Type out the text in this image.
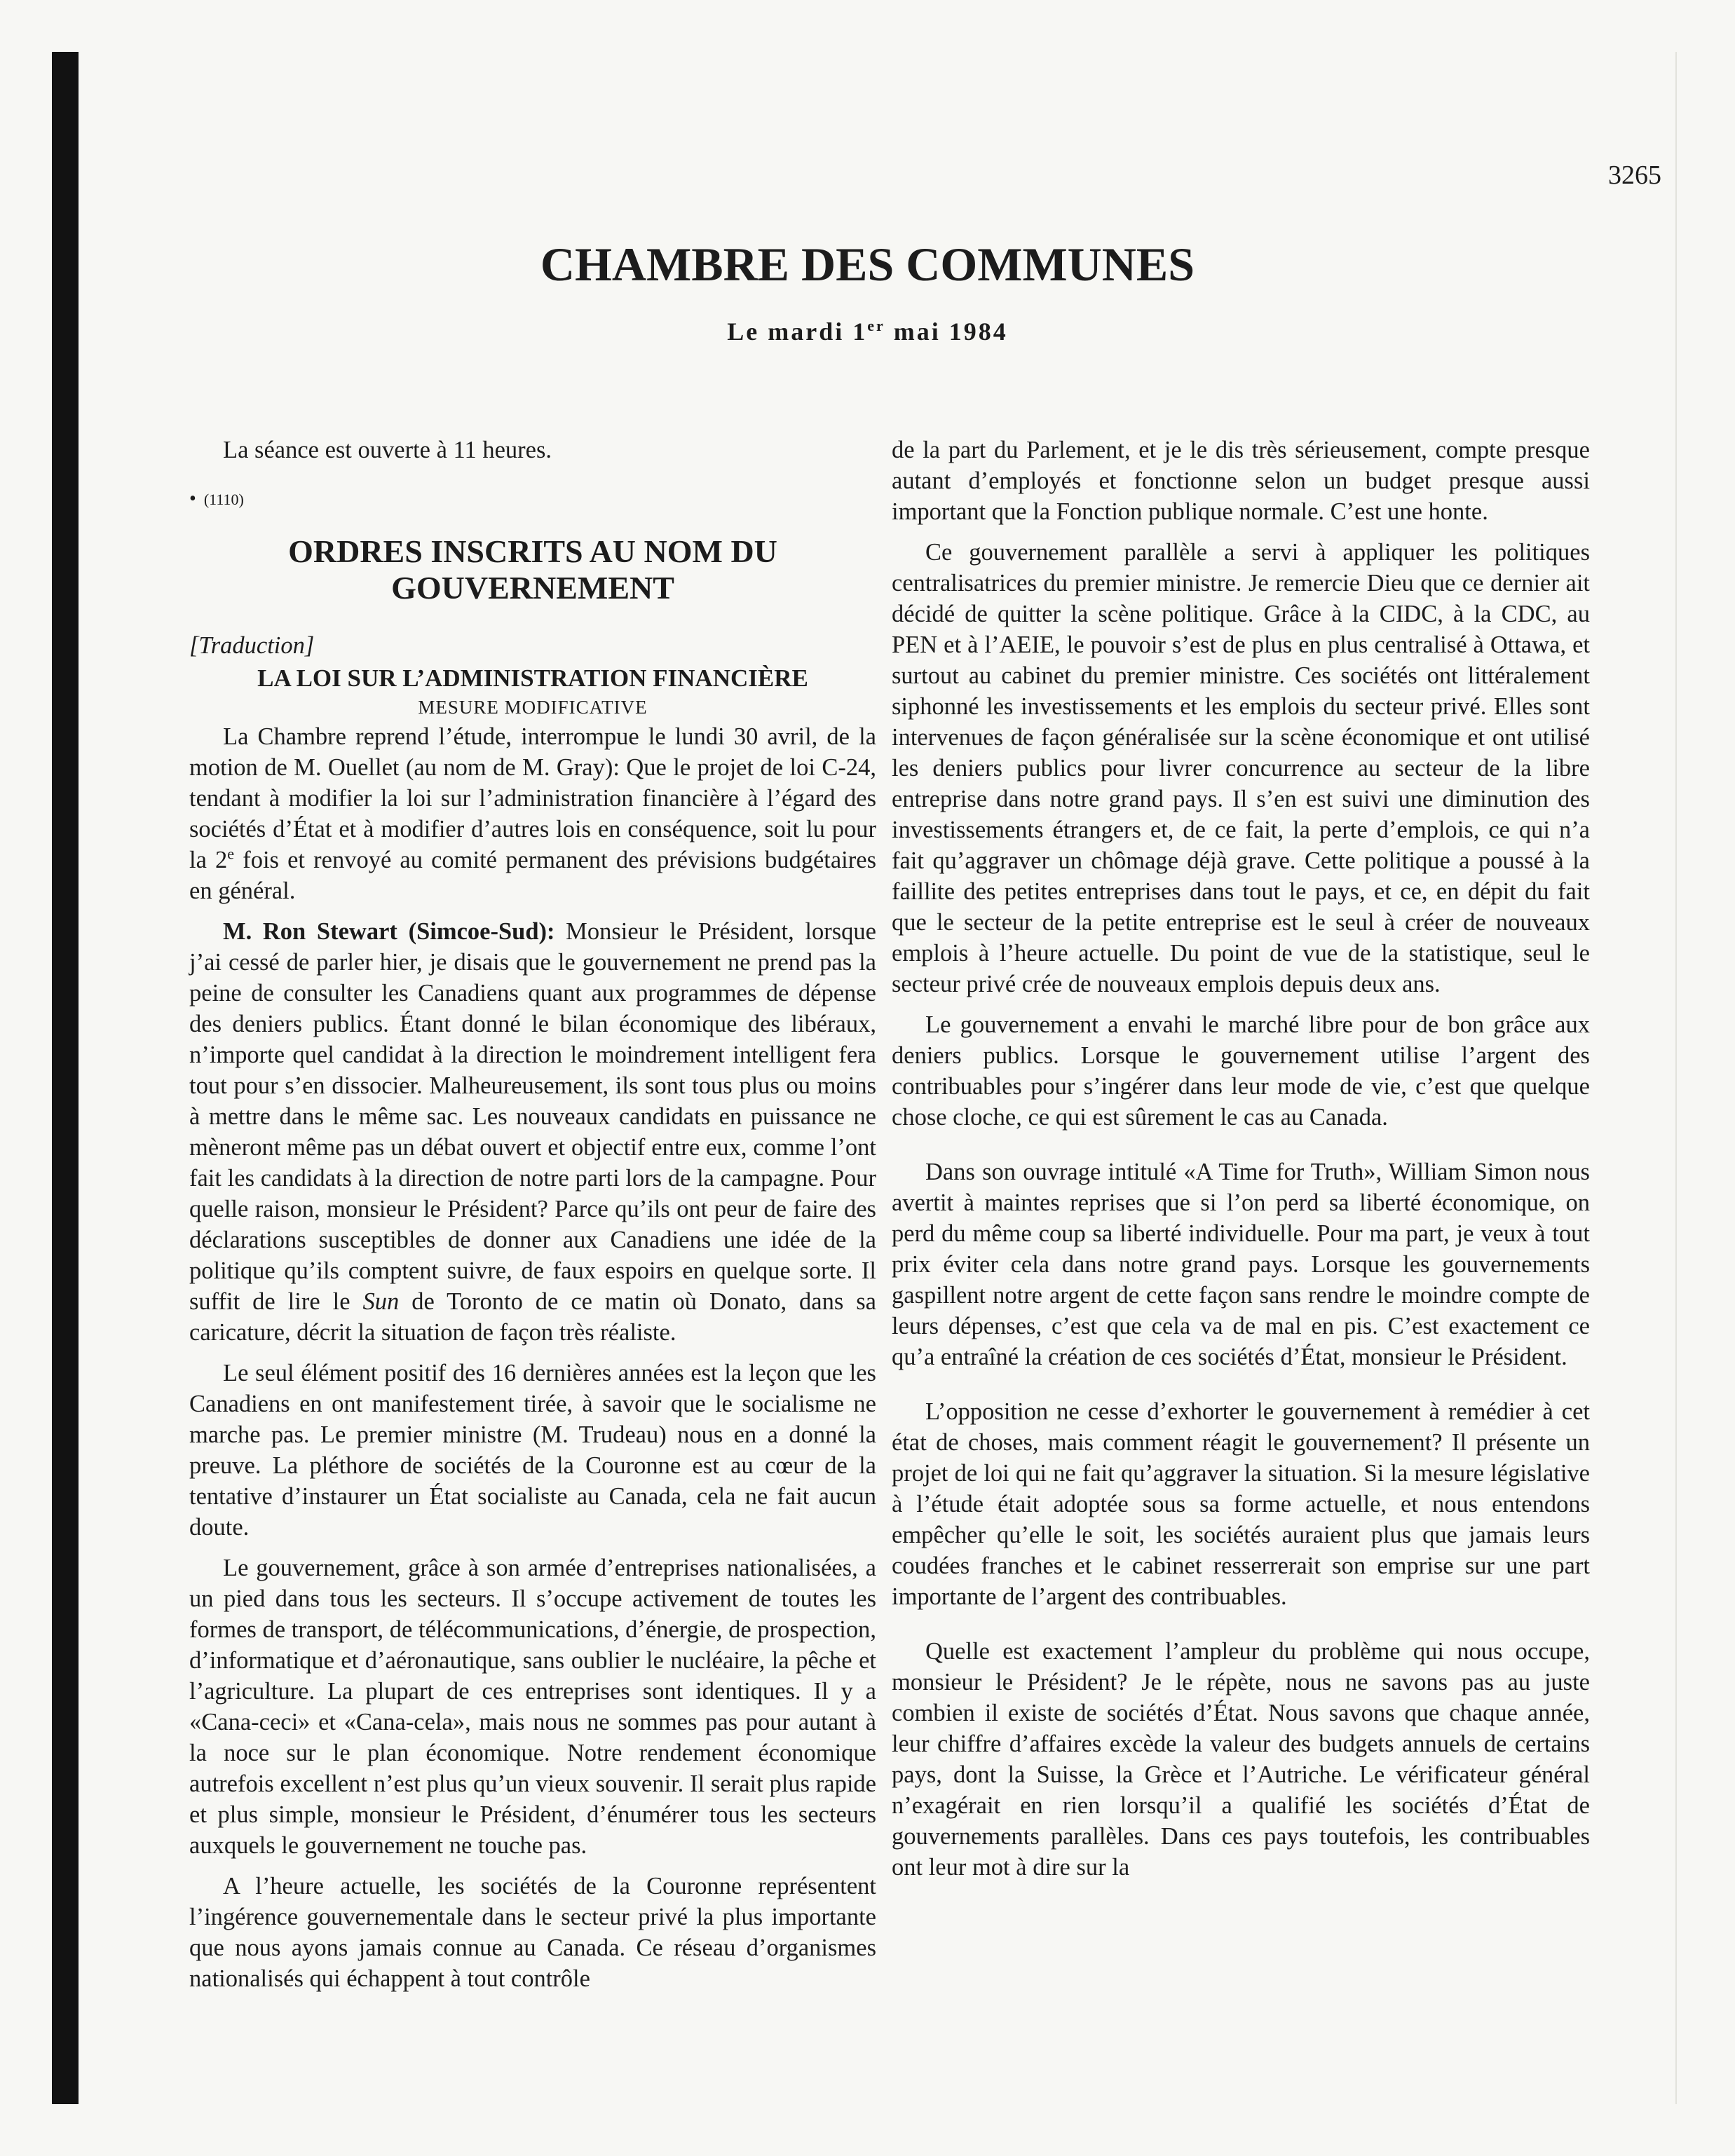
3265
CHAMBRE DES COMMUNES
Le mardi 1er mai 1984

La séance est ouverte à 11 heures.

• (1110)

ORDRES INSCRITS AU NOM DU GOUVERNEMENT

[Traduction]

LA LOI SUR L’ADMINISTRATION FINANCIÈRE

MESURE MODIFICATIVE

La Chambre reprend l’étude, interrompue le lundi 30 avril, de la motion de M. Ouellet (au nom de M. Gray): Que le projet de loi C-24, tendant à modifier la loi sur l’administration financière à l’égard des sociétés d’État et à modifier d’autres lois en conséquence, soit lu pour la 2e fois et renvoyé au comité permanent des prévisions budgétaires en général.

M. Ron Stewart (Simcoe-Sud): Monsieur le Président, lorsque j’ai cessé de parler hier, je disais que le gouvernement ne prend pas la peine de consulter les Canadiens quant aux programmes de dépense des deniers publics. Étant donné le bilan économique des libéraux, n’importe quel candidat à la direction le moindrement intelligent fera tout pour s’en dissocier. Malheureusement, ils sont tous plus ou moins à mettre dans le même sac. Les nouveaux candidats en puissance ne mèneront même pas un débat ouvert et objectif entre eux, comme l’ont fait les candidats à la direction de notre parti lors de la campagne. Pour quelle raison, monsieur le Président? Parce qu’ils ont peur de faire des déclarations susceptibles de donner aux Canadiens une idée de la politique qu’ils comptent suivre, de faux espoirs en quelque sorte. Il suffit de lire le Sun de Toronto de ce matin où Donato, dans sa caricature, décrit la situation de façon très réaliste.

Le seul élément positif des 16 dernières années est la leçon que les Canadiens en ont manifestement tirée, à savoir que le socialisme ne marche pas. Le premier ministre (M. Trudeau) nous en a donné la preuve. La pléthore de sociétés de la Couronne est au cœur de la tentative d’instaurer un État socialiste au Canada, cela ne fait aucun doute.

Le gouvernement, grâce à son armée d’entreprises nationalisées, a un pied dans tous les secteurs. Il s’occupe activement de toutes les formes de transport, de télécommunications, d’énergie, de prospection, d’informatique et d’aéronautique, sans oublier le nucléaire, la pêche et l’agriculture. La plupart de ces entreprises sont identiques. Il y a «Cana-ceci» et «Cana-cela», mais nous ne sommes pas pour autant à la noce sur le plan économique. Notre rendement économique autrefois excellent n’est plus qu’un vieux souvenir. Il serait plus rapide et plus simple, monsieur le Président, d’énumérer tous les secteurs auxquels le gouvernement ne touche pas.

A l’heure actuelle, les sociétés de la Couronne représentent l’ingérence gouvernementale dans le secteur privé la plus importante que nous ayons jamais connue au Canada. Ce réseau d’organismes nationalisés qui échappent à tout contrôle

de la part du Parlement, et je le dis très sérieusement, compte presque autant d’employés et fonctionne selon un budget presque aussi important que la Fonction publique normale. C’est une honte.

Ce gouvernement parallèle a servi à appliquer les politiques centralisatrices du premier ministre. Je remercie Dieu que ce dernier ait décidé de quitter la scène politique. Grâce à la CIDC, à la CDC, au PEN et à l’AEIE, le pouvoir s’est de plus en plus centralisé à Ottawa, et surtout au cabinet du premier ministre. Ces sociétés ont littéralement siphonné les investissements et les emplois du secteur privé. Elles sont intervenues de façon généralisée sur la scène économique et ont utilisé les deniers publics pour livrer concurrence au secteur de la libre entreprise dans notre grand pays. Il s’en est suivi une diminution des investissements étrangers et, de ce fait, la perte d’emplois, ce qui n’a fait qu’aggraver un chômage déjà grave. Cette politique a poussé à la faillite des petites entreprises dans tout le pays, et ce, en dépit du fait que le secteur de la petite entreprise est le seul à créer de nouveaux emplois à l’heure actuelle. Du point de vue de la statistique, seul le secteur privé crée de nouveaux emplois depuis deux ans.

Le gouvernement a envahi le marché libre pour de bon grâce aux deniers publics. Lorsque le gouvernement utilise l’argent des contribuables pour s’ingérer dans leur mode de vie, c’est que quelque chose cloche, ce qui est sûrement le cas au Canada.

Dans son ouvrage intitulé «A Time for Truth», William Simon nous avertit à maintes reprises que si l’on perd sa liberté économique, on perd du même coup sa liberté individuelle. Pour ma part, je veux à tout prix éviter cela dans notre grand pays. Lorsque les gouvernements gaspillent notre argent de cette façon sans rendre le moindre compte de leurs dépenses, c’est que cela va de mal en pis. C’est exactement ce qu’a entraîné la création de ces sociétés d’État, monsieur le Président.

L’opposition ne cesse d’exhorter le gouvernement à remédier à cet état de choses, mais comment réagit le gouvernement? Il présente un projet de loi qui ne fait qu’aggraver la situation. Si la mesure législative à l’étude était adoptée sous sa forme actuelle, et nous entendons empêcher qu’elle le soit, les sociétés auraient plus que jamais leurs coudées franches et le cabinet resserrerait son emprise sur une part importante de l’argent des contribuables.

Quelle est exactement l’ampleur du problème qui nous occupe, monsieur le Président? Je le répète, nous ne savons pas au juste combien il existe de sociétés d’État. Nous savons que chaque année, leur chiffre d’affaires excède la valeur des budgets annuels de certains pays, dont la Suisse, la Grèce et l’Autriche. Le vérificateur général n’exagérait en rien lorsqu’il a qualifié les sociétés d’État de gouvernements parallèles. Dans ces pays toutefois, les contribuables ont leur mot à dire sur la
